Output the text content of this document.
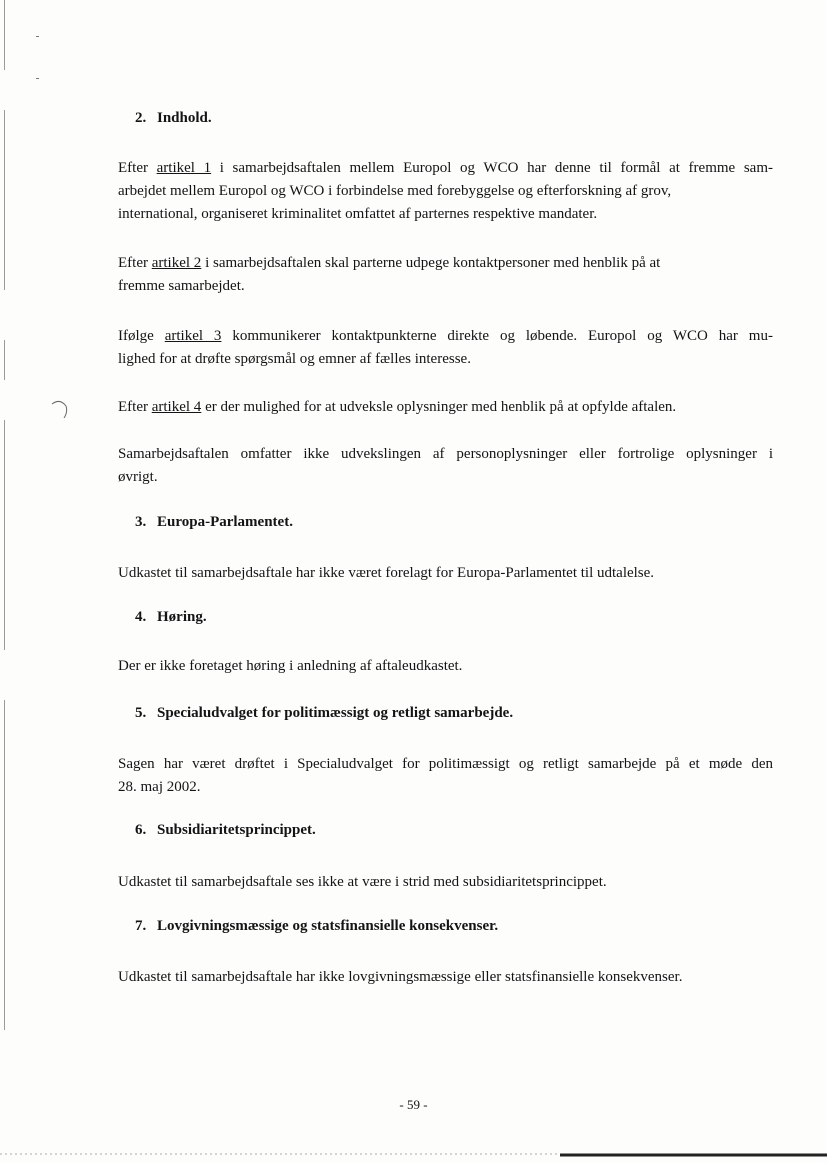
2. Indhold.
Efter artikel 1 i samarbejdsaftalen mellem Europol og WCO har denne til formål at fremme sam-
arbejdet mellem Europol og WCO i forbindelse med forebyggelse og efterforskning af grov,
international, organiseret kriminalitet omfattet af parternes respektive mandater.
Efter artikel 2 i samarbejdsaftalen skal parterne udpege kontaktpersoner med henblik på at
fremme samarbejdet.
Ifølge artikel 3 kommunikerer kontaktpunkterne direkte og løbende. Europol og WCO har mu-
lighed for at drøfte spørgsmål og emner af fælles interesse.
Efter artikel 4 er der mulighed for at udveksle oplysninger med henblik på at opfylde aftalen.
Samarbejdsaftalen omfatter ikke udvekslingen af personoplysninger eller fortrolige oplysninger i
øvrigt.
3. Europa-Parlamentet.
Udkastet til samarbejdsaftale har ikke været forelagt for Europa-Parlamentet til udtalelse.
4. Høring.
Der er ikke foretaget høring i anledning af aftaleudkastet.
5. Specialudvalget for politimæssigt og retligt samarbejde.
Sagen har været drøftet i Specialudvalget for politimæssigt og retligt samarbejde på et møde den
28. maj 2002.
6. Subsidiaritetsprincippet.
Udkastet til samarbejdsaftale ses ikke at være i strid med subsidiaritetsprincippet.
7. Lovgivningsmæssige og statsfinansielle konsekvenser.
Udkastet til samarbejdsaftale har ikke lovgivningsmæssige eller statsfinansielle konsekvenser.
- 59 -
